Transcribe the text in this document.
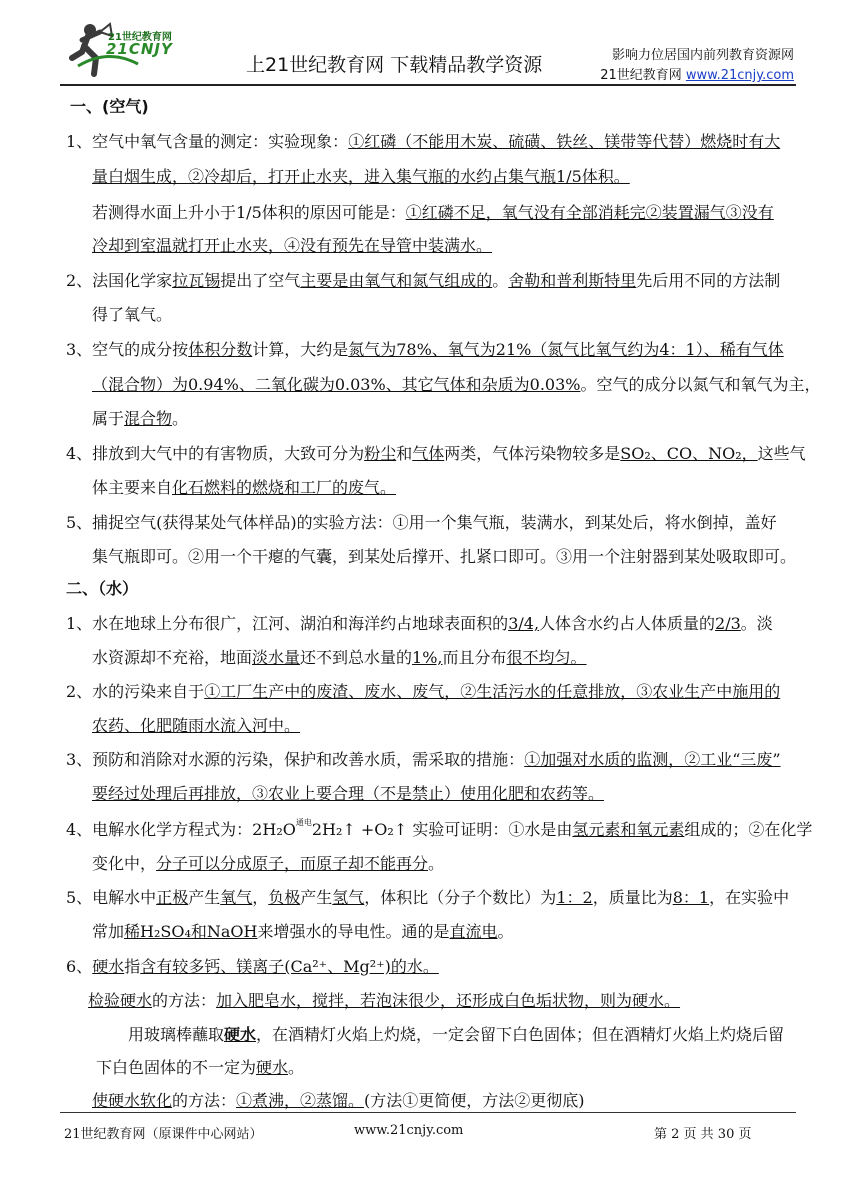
21世纪教育网
21CNJY
上21世纪教育网 下载精品教学资源	影响力位居国内前列教育资源网
21世纪教育网 www.21cnjy.com
一、(空气)
1、空气中氧气含量的测定：实验现象：①红磷（不能用木炭、硫磺、铁丝、镁带等代替）燃烧时有大
量白烟生成，②冷却后，打开止水夹，进入集气瓶的水约占集气瓶1/5体积。
若测得水面上升小于1/5体积的原因可能是：①红磷不足，氧气没有全部消耗完②装置漏气③没有
冷却到室温就打开止水夹，④没有预先在导管中装满水。
2、法国化学家拉瓦锡提出了空气主要是由氧气和氮气组成的。舍勒和普利斯特里先后用不同的方法制
得了氧气。
3、空气的成分按体积分数计算，大约是氮气为78%、氧气为21%（氮气比氧气约为4：1）、稀有气体
（混合物）为0.94%、二氧化碳为0.03%、其它气体和杂质为0.03%。空气的成分以氮气和氧气为主，
属于混合物。
4、排放到大气中的有害物质，大致可分为粉尘和气体两类，气体污染物较多是SO₂、CO、NO₂，这些气
体主要来自化石燃料的燃烧和工厂的废气。
5、捕捉空气(获得某处气体样品)的实验方法：①用一个集气瓶，装满水，到某处后，将水倒掉，盖好
集气瓶即可。②用一个干瘪的气囊，到某处后撑开、扎紧口即可。③用一个注射器到某处吸取即可。
二、（水）
1、水在地球上分布很广，江河、湖泊和海洋约占地球表面积的3/4,人体含水约占人体质量的2/3。淡
水资源却不充裕，地面淡水量还不到总水量的1%,而且分布很不均匀。
2、水的污染来自于①工厂生产中的废渣、废水、废气，②生活污水的任意排放，③农业生产中施用的
农药、化肥随雨水流入河中。
3、预防和消除对水源的污染，保护和改善水质，需采取的措施：①加强对水质的监测，②工业“三废”
要经过处理后再排放，③农业上要合理（不是禁止）使用化肥和农药等。
4、电解水化学方程式为：$2H_2O^{通电}2H_2↑$ +O₂↑ 实验可证明：①水是由氢元素和氧元素组成的；②在化学
变化中，分子可以分成原子，而原子却不能再分。
5、电解水中正极产生氧气，负极产生氢气，体积比（分子个数比）为1：2，质量比为8：1，在实验中
常加稀H₂SO₄和NaOH来增强水的导电性。通的是直流电。
6、硬水指含有较多钙、镁离子(Ca²⁺、Mg²⁺)的水。
检验硬水的方法：加入肥皂水，搅拌，若泡沫很少，还形成白色垢状物，则为硬水。
用玻璃棒蘸取硬水，在酒精灯火焰上灼烧，一定会留下白色固体；但在酒精灯火焰上灼烧后留
下白色固体的不一定为硬水。
使硬水软化的方法：①煮沸，②蒸馏。(方法①更简便，方法②更彻底)
21世纪教育网（原课件中心网站）	www.21cnjy.com	第 2 页 共 30 页
